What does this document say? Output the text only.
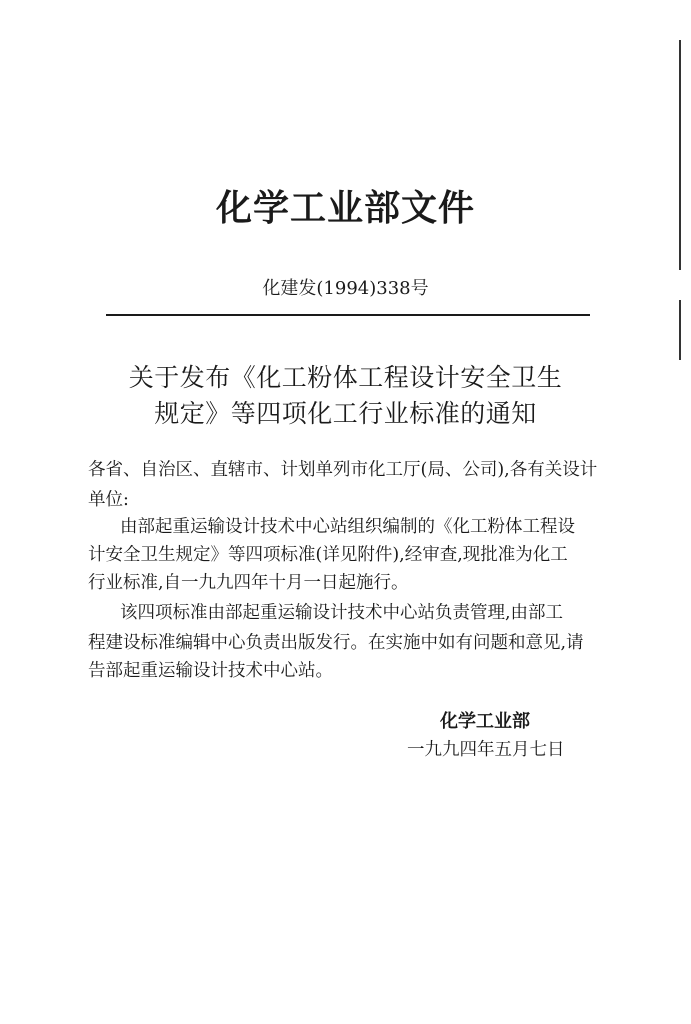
化学工业部文件
化建发(1994)338号
关于发布《化工粉体工程设计安全卫生
规定》等四项化工行业标准的通知
各省、自治区、直辖市、计划单列市化工厅(局、公司),各有关设计
单位:
由部起重运输设计技术中心站组织编制的《化工粉体工程设
计安全卫生规定》等四项标准(详见附件),经审查,现批准为化工
行业标准,自一九九四年十月一日起施行。
该四项标准由部起重运输设计技术中心站负责管理,由部工
程建设标准编辑中心负责出版发行。在实施中如有问题和意见,请
告部起重运输设计技术中心站。
化学工业部
一九九四年五月七日
